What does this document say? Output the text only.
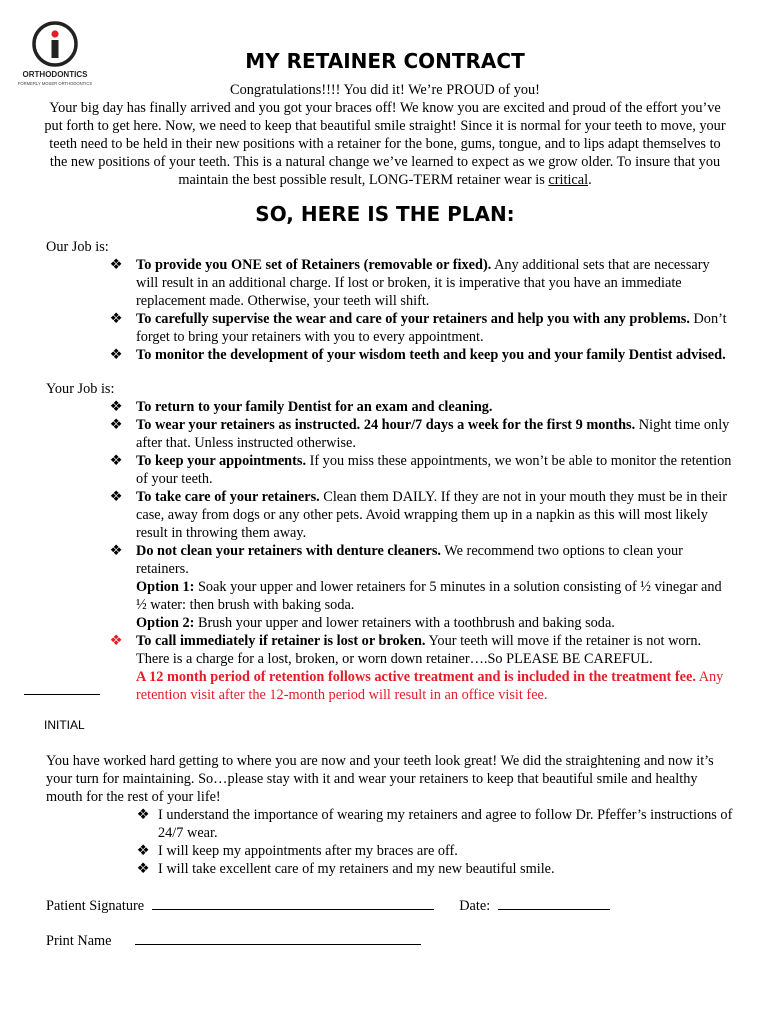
ORTHODONTICS
FORMERLY MOSER ORTHODONTICS
MY RETAINER CONTRACT

Congratulations!!!! You did it! We’re PROUD of you!

Your big day has finally arrived and you got your braces off! We know you are excited and proud of the effort you’ve put forth to get here. Now, we need to keep that beautiful smile straight! Since it is normal for your teeth to move, your teeth need to be held in their new positions with a retainer for the bone, gums, tongue, and to lips adapt themselves to the new positions of your teeth. This is a natural change we’ve learned to expect as we grow older. To insure that you maintain the best possible result, LONG-TERM retainer wear is critical.

SO, HERE IS THE PLAN:
Our Job is:

❖ To provide you ONE set of Retainers (removable or fixed). Any additional sets that are necessary will result in an additional charge. If lost or broken, it is imperative that you have an immediate replacement made. Otherwise, your teeth will shift.

❖ To carefully supervise the wear and care of your retainers and help you with any problems. Don’t forget to bring your retainers with you to every appointment.

❖ To monitor the development of your wisdom teeth and keep you and your family Dentist advised.

Your Job is:

❖ To return to your family Dentist for an exam and cleaning.

❖ To wear your retainers as instructed. 24 hour/7 days a week for the first 9 months. Night time only after that. Unless instructed otherwise.

❖ To keep your appointments. If you miss these appointments, we won’t be able to monitor the retention of your teeth.

❖ To take care of your retainers. Clean them DAILY. If they are not in your mouth they must be in their case, away from dogs or any other pets. Avoid wrapping them up in a napkin as this will most likely result in throwing them away.

❖ Do not clean your retainers with denture cleaners. We recommend two options to clean your retainers.

Option 1: Soak your upper and lower retainers for 5 minutes in a solution consisting of ½ vinegar and ½ water: then brush with baking soda.

Option 2: Brush your upper and lower retainers with a toothbrush and baking soda.

❖ To call immediately if retainer is lost or broken. Your teeth will move if the retainer is not worn. There is a charge for a lost, broken, or worn down retainer….So PLEASE BE CAREFUL.
A 12 month period of retention follows active treatment and is included in the treatment fee. Any retention visit after the 12-month period will result in an office visit fee.

INITIAL

You have worked hard getting to where you are now and your teeth look great! We did the straightening and now it’s your turn for maintaining. So…please stay with it and wear your retainers to keep that beautiful smile and healthy mouth for the rest of your life!

❖ I understand the importance of wearing my retainers and agree to follow Dr. Pfeffer’s instructions of 24/7 wear.

❖ I will keep my appointments after my braces are off.

❖ I will take excellent care of my retainers and my new beautiful smile.

Patient Signature	Date:
Print Name
